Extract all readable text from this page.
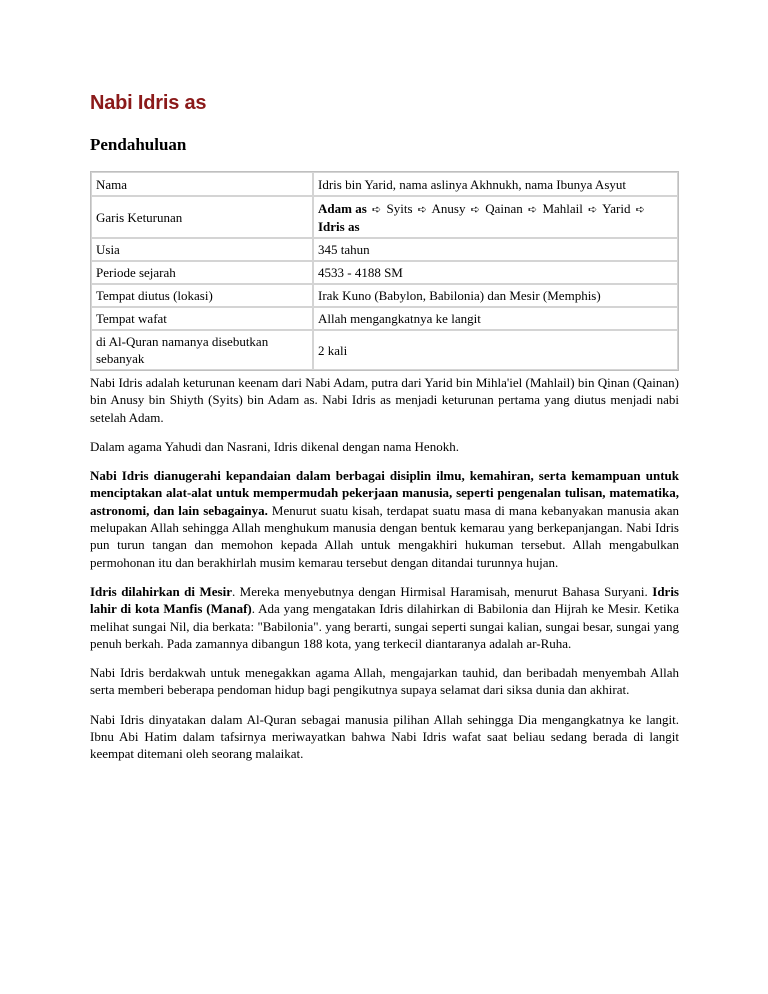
Nabi Idris as
Pendahuluan
Nama	Idris bin Yarid, nama aslinya Akhnukh, nama Ibunya Asyut
Garis Keturunan	Adam as ➪ Syits ➪ Anusy ➪ Qainan ➪ Mahlail ➪ Yarid ➪ Idris as
Usia	345 tahun
Periode sejarah	4533 - 4188 SM
Tempat diutus (lokasi)	Irak Kuno (Babylon, Babilonia) dan Mesir (Memphis)
Tempat wafat	Allah mengangkatnya ke langit
di Al-Quran namanya disebutkan sebanyak	2 kali

Nabi Idris adalah keturunan keenam dari Nabi Adam, putra dari Yarid bin Mihla'iel (Mahlail) bin Qinan (Qainan) bin Anusy bin Shiyth (Syits) bin Adam as. Nabi Idris as menjadi keturunan pertama yang diutus menjadi nabi setelah Adam.

Dalam agama Yahudi dan Nasrani, Idris dikenal dengan nama Henokh.

Nabi Idris dianugerahi kepandaian dalam berbagai disiplin ilmu, kemahiran, serta kemampuan untuk menciptakan alat-alat untuk mempermudah pekerjaan manusia, seperti pengenalan tulisan, matematika, astronomi, dan lain sebagainya. Menurut suatu kisah, terdapat suatu masa di mana kebanyakan manusia akan melupakan Allah sehingga Allah menghukum manusia dengan bentuk kemarau yang berkepanjangan. Nabi Idris pun turun tangan dan memohon kepada Allah untuk mengakhiri hukuman tersebut. Allah mengabulkan permohonan itu dan berakhirlah musim kemarau tersebut dengan ditandai turunnya hujan.

Idris dilahirkan di Mesir. Mereka menyebutnya dengan Hirmisal Haramisah, menurut Bahasa Suryani. Idris lahir di kota Manfis (Manaf). Ada yang mengatakan Idris dilahirkan di Babilonia dan Hijrah ke Mesir. Ketika melihat sungai Nil, dia berkata: "Babilonia". yang berarti, sungai seperti sungai kalian, sungai besar, sungai yang penuh berkah. Pada zamannya dibangun 188 kota, yang terkecil diantaranya adalah ar-Ruha.

Nabi Idris berdakwah untuk menegakkan agama Allah, mengajarkan tauhid, dan beribadah menyembah Allah serta memberi beberapa pendoman hidup bagi pengikutnya supaya selamat dari siksa dunia dan akhirat.

Nabi Idris dinyatakan dalam Al-Quran sebagai manusia pilihan Allah sehingga Dia mengangkatnya ke langit. Ibnu Abi Hatim dalam tafsirnya meriwayatkan bahwa Nabi Idris wafat saat beliau sedang berada di langit keempat ditemani oleh seorang malaikat.
